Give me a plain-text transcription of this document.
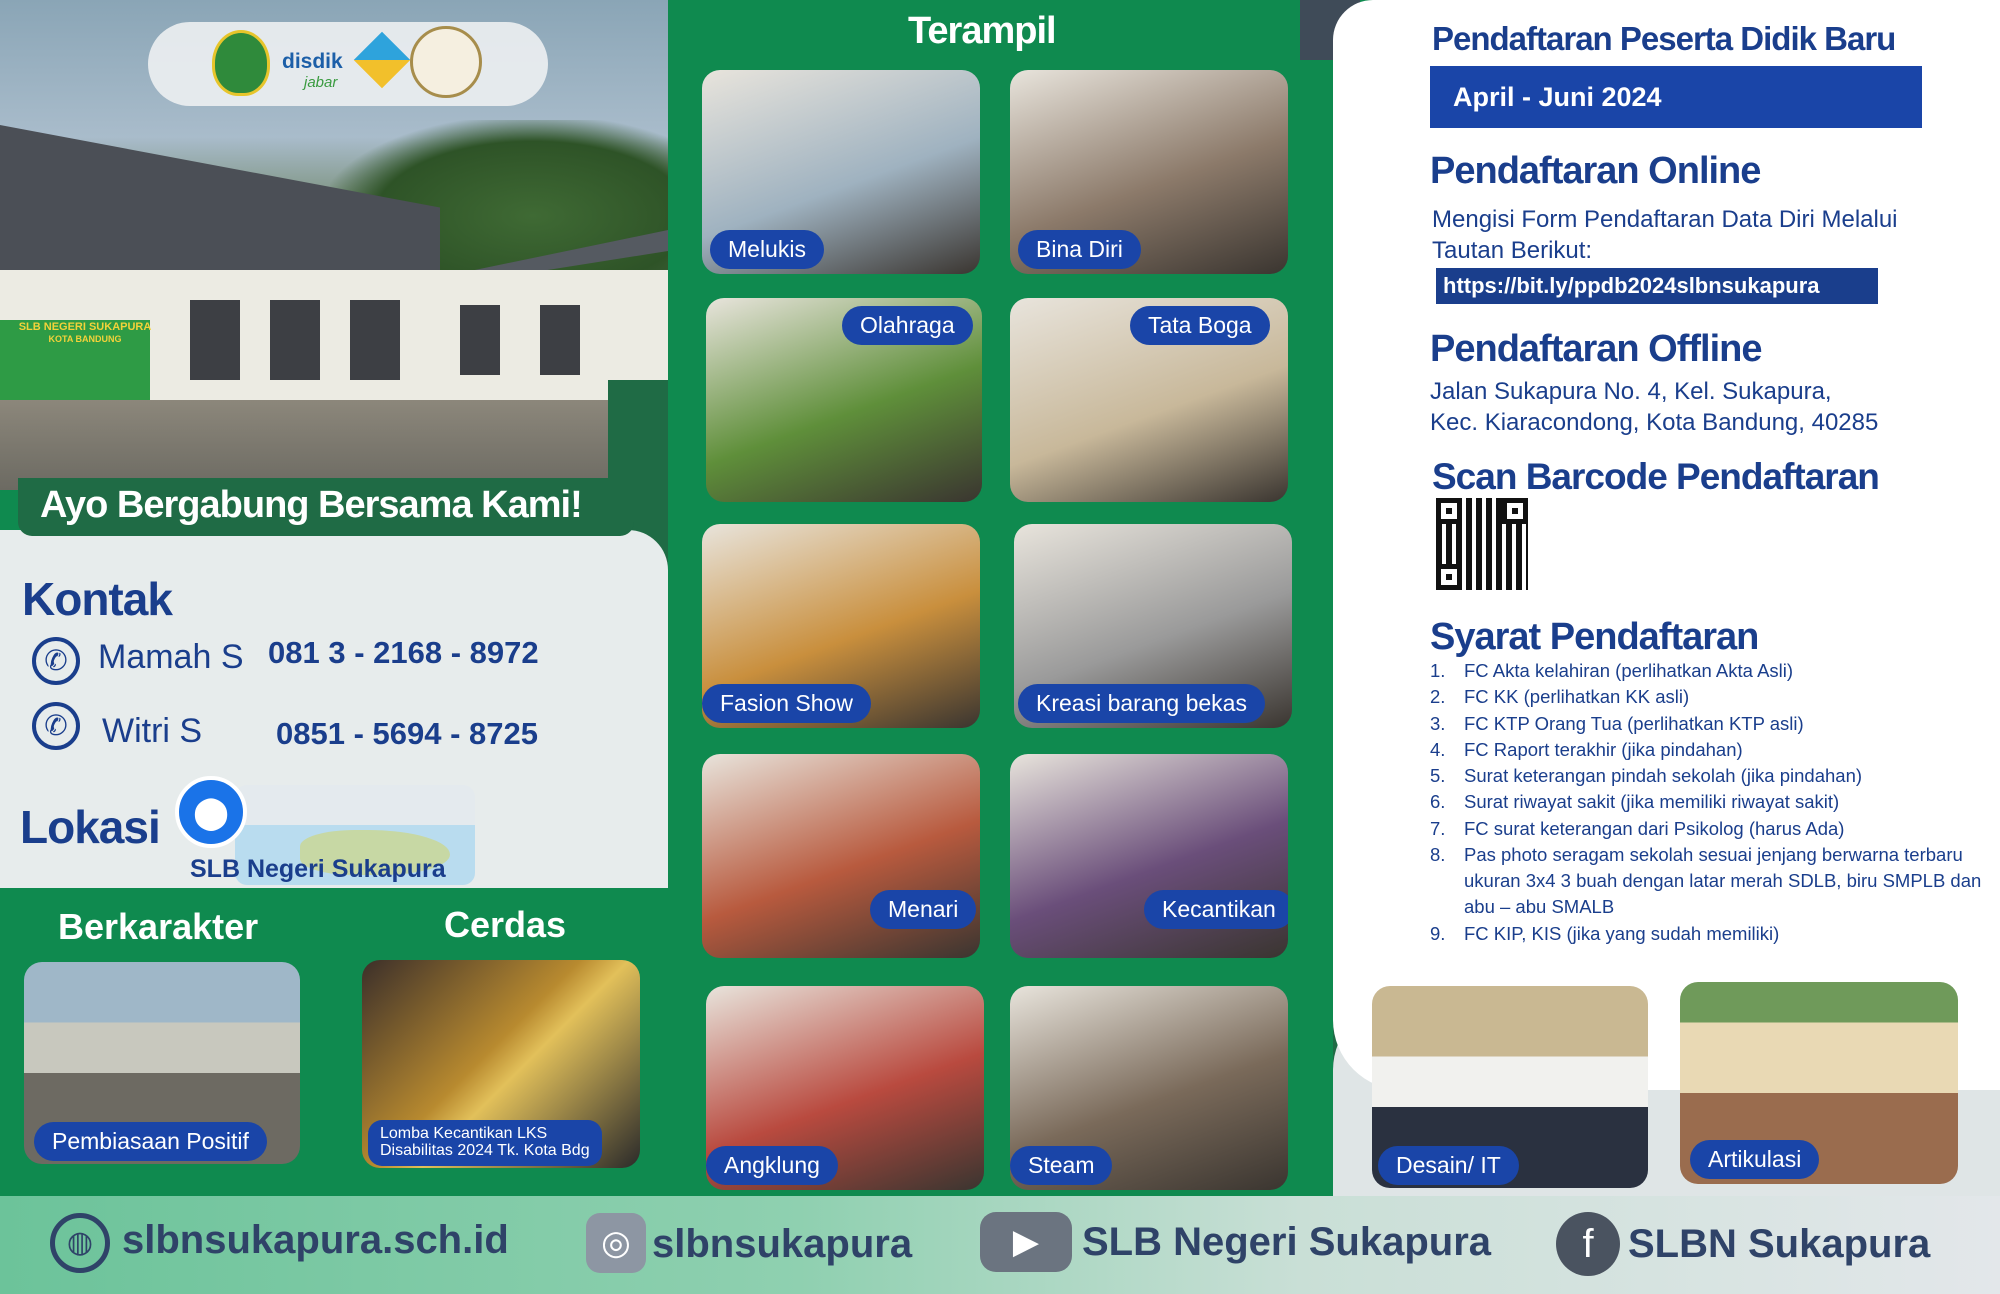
SLB NEGERI SUKAPURA
KOTA BANDUNG
disdik
jabar
Ayo Bergabung Bersama Kami!
Kontak
✆ Mamah S 081 3 - 2168 - 8972
✆	Witri S 0851 - 5694 - 8725
Lokasi	⬤
SLB Negeri Sukapura
Berkarakter	Cerdas
Pembiasaan Positif	Lomba Kecantikan LKS
Disabilitas 2024 Tk. Kota Bdg
Terampil
Melukis	Bina Diri
Olahraga	Tata Boga
Fasion Show	Kreasi barang bekas
Menari	Kecantikan
Angklung	Steam
Pendaftaran Peserta Didik Baru
April - Juni 2024
Pendaftaran Online
Mengisi Form Pendaftaran Data Diri Melalui
Tautan Berikut:
https://bit.ly/ppdb2024slbnsukapura
Pendaftaran Offline
Jalan Sukapura No. 4, Kel. Sukapura,
Kec. Kiaracondong, Kota Bandung, 40285
Scan Barcode Pendaftaran
Syarat Pendaftaran
1.	FC Akta kelahiran (perlihatkan Akta Asli)
2.	FC KK (perlihatkan KK asli)
3.	FC KTP Orang Tua (perlihatkan KTP asli)
4.	FC Raport terakhir (jika pindahan)
5.	Surat keterangan pindah sekolah (jika pindahan)
6.	Surat riwayat sakit (jika memiliki riwayat sakit)
7.	FC surat keterangan dari Psikolog (harus Ada)
8.	Pas photo seragam sekolah sesuai jenjang berwarna terbaru ukuran 3x4 3 buah dengan latar merah SDLB, biru SMPLB dan abu – abu SMALB
9.	FC KIP, KIS (jika yang sudah memiliki)
Desain/ IT	Artikulasi
◍ slbnsukapura.sch.id	◎ slbnsukapura	▶	SLB Negeri Sukapura	f SLBN Sukapura
